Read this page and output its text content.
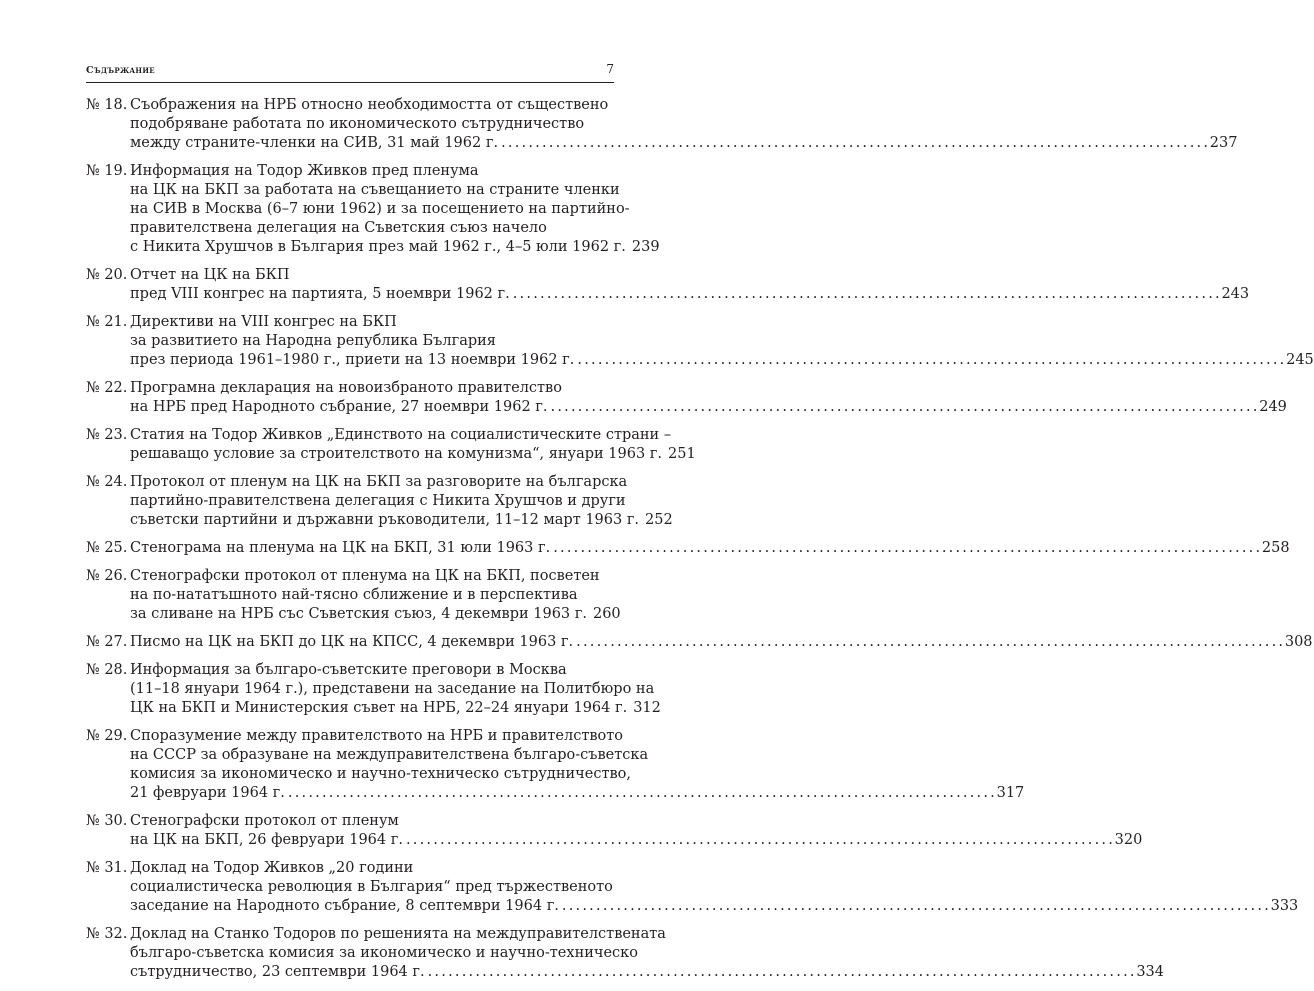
Съдържание	7
№ 18. Съображения на НРБ относно необходимостта от съществено
подобряване работата по икономическото сътрудничество
между страните-членки на СИВ, 31 май 1962 г. . . .	237
№ 19. Информация на Тодор Живков пред пленума
на ЦК на БКП за работата на съвещанието на страните членки
на СИВ в Москва (6–7 юни 1962) и за посещението на партийно-
правителствена делегация на Съветския съюз начело
с Никита Хрушчов в България през май 1962 г., 4–5 юли 1962 г. 239
№ 20. Отчет на ЦК на БКП
пред VIII конгрес на партията, 5 ноември 1962 г. . . .	243
№ 21. Директиви на VIII конгрес на БКП
за развитието на Народна република България
през периода 1961–1980 г., приети на 13 ноември 1962 г. . . .	245
№ 22. Програмна декларация на новоизбраното правителство
на НРБ пред Народното събрание, 27 ноември 1962 г. . . .	249
№ 23. Статия на Тодор Живков „Единството на социалистическите страни –
решаващо условие за строителството на комунизма“, януари 1963 г. 251
№ 24. Протокол от пленум на ЦК на БКП за разговорите на българска
партийно-правителствена делегация с Никита Хрушчов и други
съветски партийни и държавни ръководители, 11–12 март 1963 г. 252
№ 25. Стенограма на пленума на ЦК на БКП, 31 юли 1963 г. . . .	258
№ 26. Стенографски протокол от пленума на ЦК на БКП, посветен
на по-нататъшното най-тясно сближение и в перспектива
за сливане на НРБ със Съветския съюз, 4 декември 1963 г. 260
№ 27. Писмо на ЦК на БКП до ЦК на КПСС, 4 декември 1963 г. . . .	308
№ 28. Информация за българо-съветските преговори в Москва
(11–18 януари 1964 г.), представени на заседание на Политбюро на
ЦК на БКП и Министерския съвет на НРБ, 22–24 януари 1964 г. 312
№ 29. Споразумение между правителството на НРБ и правителството
на СССР за образуване на междуправителствена българо-съветска
комисия за икономическо и научно-техническо сътрудничество,
21 февруари 1964 г. . . .	317
№ 30. Стенографски протокол от пленум
на ЦК на БКП, 26 февруари 1964 г. . . .	320
№ 31. Доклад на Тодор Живков „20 години
социалистическа революция в България“ пред тържественото
заседание на Народното събрание, 8 септември 1964 г. . . .	333
№ 32. Доклад на Станко Тодоров по решенията на междуправителствената
българо-съветска комисия за икономическо и научно-техническо
сътрудничество, 23 септември 1964 г. . . .	334
